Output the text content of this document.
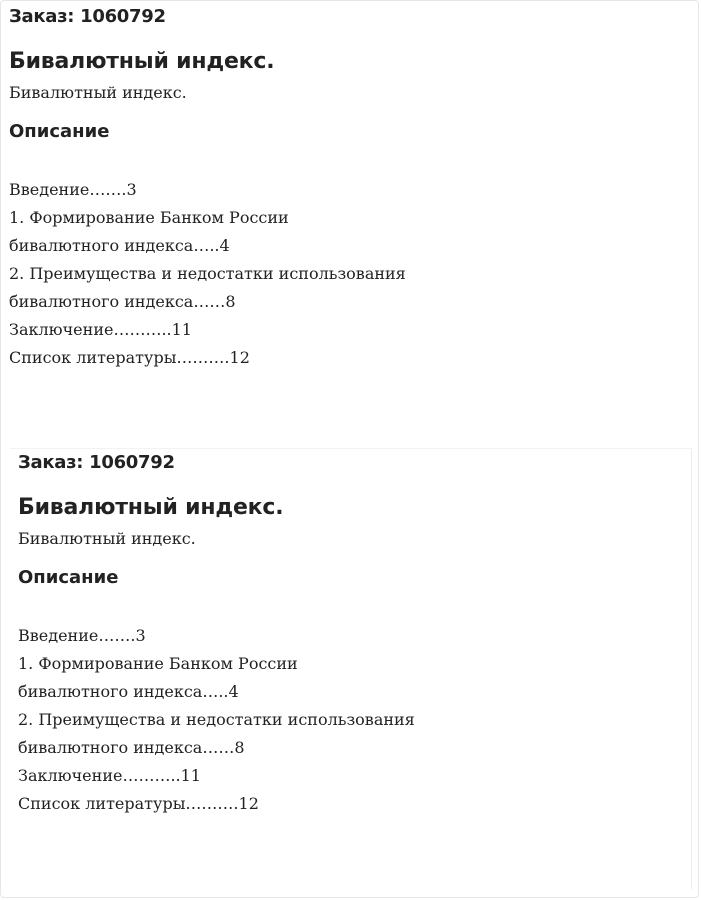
Заказ: 1060792

Бивалютный индекс.

Бивалютный индекс.

Описание
Введение…….3
1. Формирование Банком России
бивалютного индекса…..4
2. Преимущества и недостатки использования
бивалютного индекса……8
Заключение………..11
Список литературы……….12

Заказ: 1060792

Бивалютный индекс.

Бивалютный индекс.

Описание
Введение…….3
1. Формирование Банком России
бивалютного индекса…..4
2. Преимущества и недостатки использования
бивалютного индекса……8
Заключение………..11
Список литературы……….12
